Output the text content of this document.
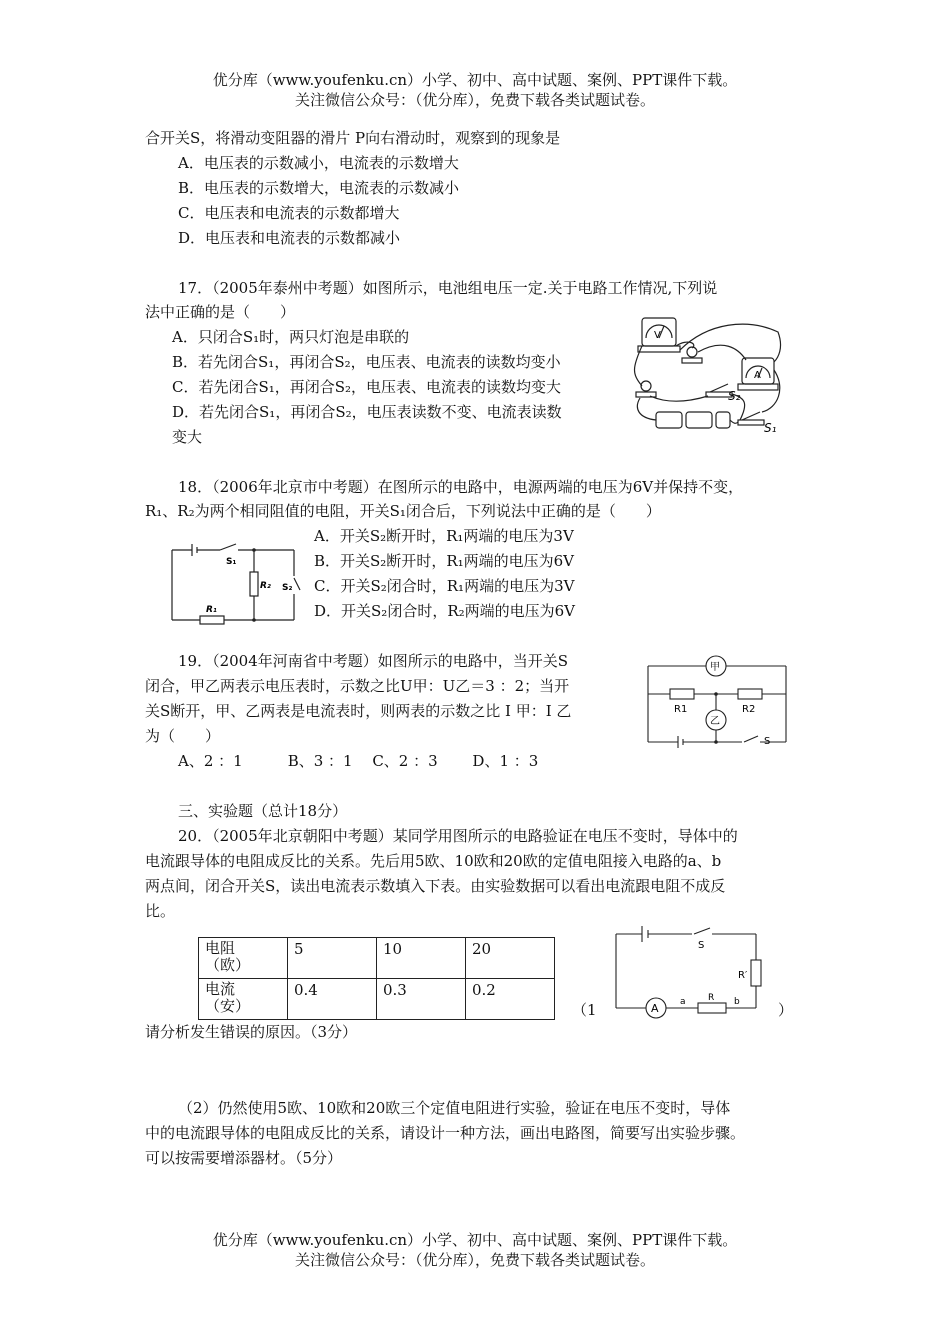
优分库（www.youfenku.cn）小学、初中、高中试题、案例、PPT课件下载。
关注微信公众号：（优分库），免费下载各类试题试卷。
合开关S，将滑动变阻器的滑片 P向右滑动时，观察到的现象是
A．电压表的示数减小，电流表的示数增大
B．电压表的示数增大，电流表的示数减小
C．电压表和电流表的示数都增大
D．电压表和电流表的示数都减小
17．（2005年泰州中考题）如图所示，电池组电压一定.关于电路工作情况,下列说
法中正确的是（　　）
A．只闭合S₁时，两只灯泡是串联的
B．若先闭合S₁，再闭合S₂，电压表、电流表的读数均变小
C．若先闭合S₁，再闭合S₂，电压表、电流表的读数均变大
D．若先闭合S₁，再闭合S₂，电压表读数不变、电流表读数
变大
V
A
S₂
S₁
18．（2006年北京市中考题）在图所示的电路中，电源两端的电压为6V并保持不变，
R₁、R₂为两个相同阻值的电阻，开关S₁闭合后，下列说法中正确的是（　　）
A．开关S₂断开时，R₁两端的电压为3V
B．开关S₂断开时，R₁两端的电压为6V
C．开关S₂闭合时，R₁两端的电压为3V
D．开关S₂闭合时，R₂两端的电压为6V
S₁
R₂ S₂
R₁
19．（2004年河南省中考题）如图所示的电路中，当开关S
闭合，甲乙两表示电压表时，示数之比U甲：U乙＝3 ：2；当开
关S断开，甲、乙两表是电流表时，则两表的示数之比 I 甲：I 乙
为（　　）
A、2 ：1　　　B、3 ：1　 C、2 ：3　　 D、1 ：3
甲
乙
R1	R2
S
三、实验题（总计18分）
20．（2005年北京朝阳中考题）某同学用图所示的电路验证在电压不变时，导体中的
电流跟导体的电阻成反比的关系。先后用5欧、10欧和20欧的定值电阻接入电路的a、b
两点间，闭合开关S，读出电流表示数填入下表。由实验数据可以看出电流跟电阻不成反
比。
电阻
（欧）	5	10	20

电流
（安）	0.4	0.3	0.2
（1	）
S
R′
A a R b
请分析发生错误的原因。（3分）
（2）仍然使用5欧、10欧和20欧三个定值电阻进行实验，验证在电压不变时，导体
中的电流跟导体的电阻成反比的关系，请设计一种方法，画出电路图，简要写出实验步骤。
可以按需要增添器材。（5分）
优分库（www.youfenku.cn）小学、初中、高中试题、案例、PPT课件下载。
关注微信公众号：（优分库），免费下载各类试题试卷。
